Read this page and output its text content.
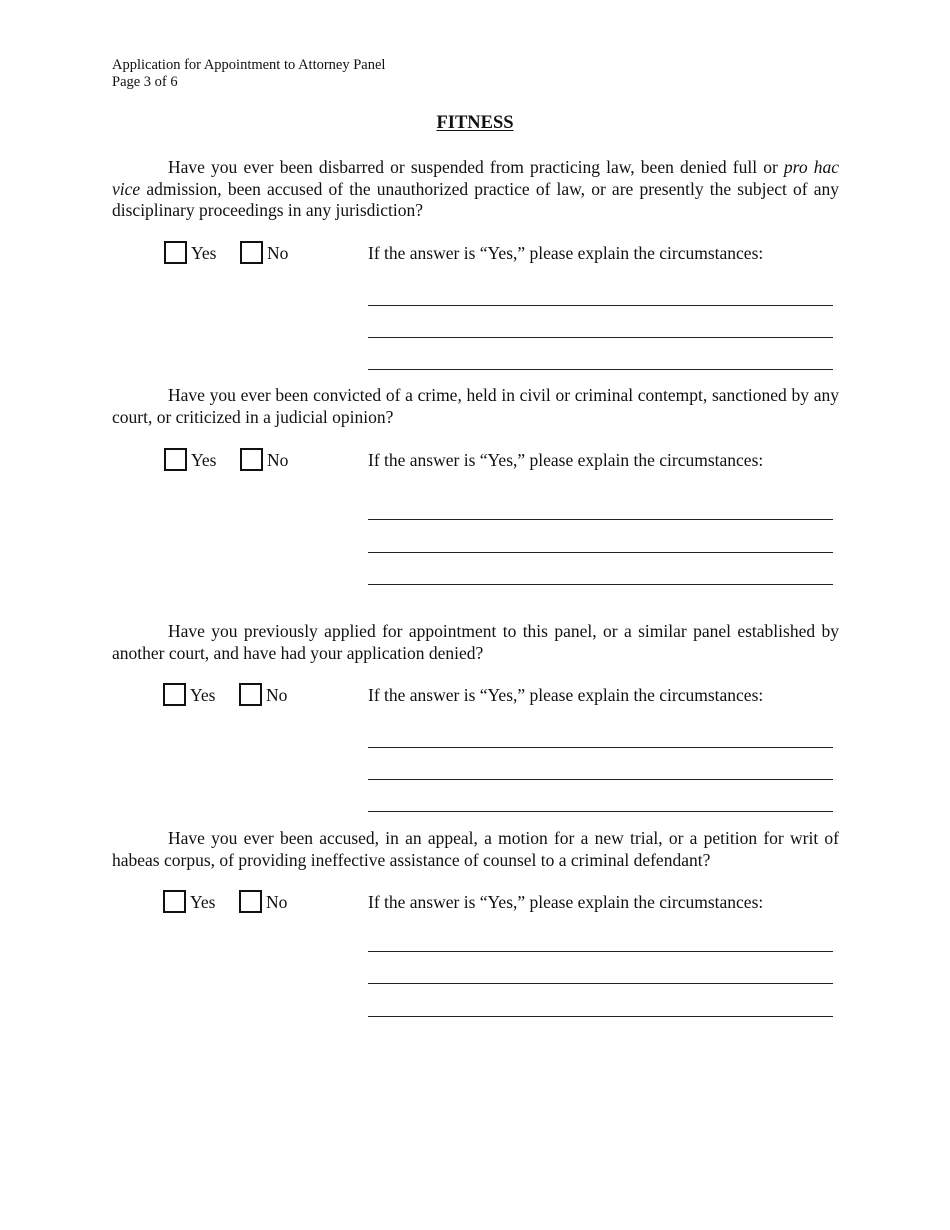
Application for Appointment to Attorney Panel
Page 3 of 6
FITNESS

Have you ever been disbarred or suspended from practicing law, been denied full or pro hac vice admission, been accused of the unauthorized practice of law, or are presently the subject of any disciplinary proceedings in any jurisdiction?

Yes	No	If the answer is “Yes,” please explain the circumstances:

Have you ever been convicted of a crime, held in civil or criminal contempt, sanctioned by any court, or criticized in a judicial opinion?

Yes	No	If the answer is “Yes,” please explain the circumstances:

Have you previously applied for appointment to this panel, or a similar panel established by another court, and have had your application denied?

Yes	No	If the answer is “Yes,” please explain the circumstances:

Have you ever been accused, in an appeal, a motion for a new trial, or a petition for writ of habeas corpus, of providing ineffective assistance of counsel to a criminal defendant?

Yes	No	If the answer is “Yes,” please explain the circumstances:
